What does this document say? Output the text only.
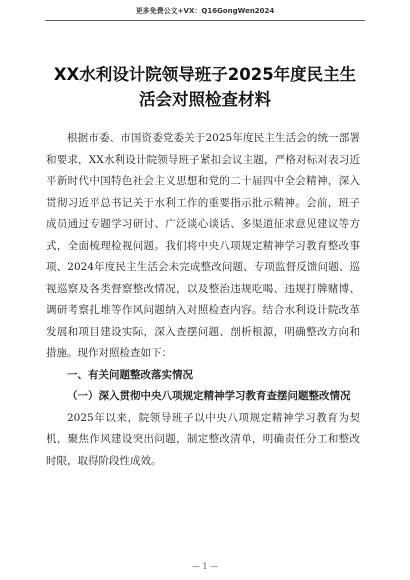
更多免费公文+VX：Q16GongWen2024
XX水利设计院领导班子2025年度民主生
活会对照检查材料

根据市委、市国资委党委关于2025年度民主生活会的统一部署和要求，XX水利设计院领导班子紧扣会议主题，严格对标对表习近平新时代中国特色社会主义思想和党的二十届四中全会精神，深入贯彻习近平总书记关于水利工作的重要指示批示精神。会前，班子成员通过专题学习研讨、广泛谈心谈话、多渠道征求意见建议等方式，全面梳理检视问题。我们将中央八项规定精神学习教育整改事项、2024年度民主生活会未完成整改问题、专项监督反馈问题、巡视巡察及各类督察整改情况，以及整治违规吃喝、违规打牌赌博、调研考察扎堆等作风问题纳入对照检查内容。结合水利设计院改革发展和项目建设实际，深入查摆问题、剖析根源，明确整改方向和措施。现作对照检查如下：

一、有关问题整改落实情况

（一）深入贯彻中央八项规定精神学习教育查摆问题整改情况

2025年以来，院领导班子以中央八项规定精神学习教育为契机，聚焦作风建设突出问题，制定整改清单，明确责任分工和整改时限，取得阶段性成效。

— 1 —
